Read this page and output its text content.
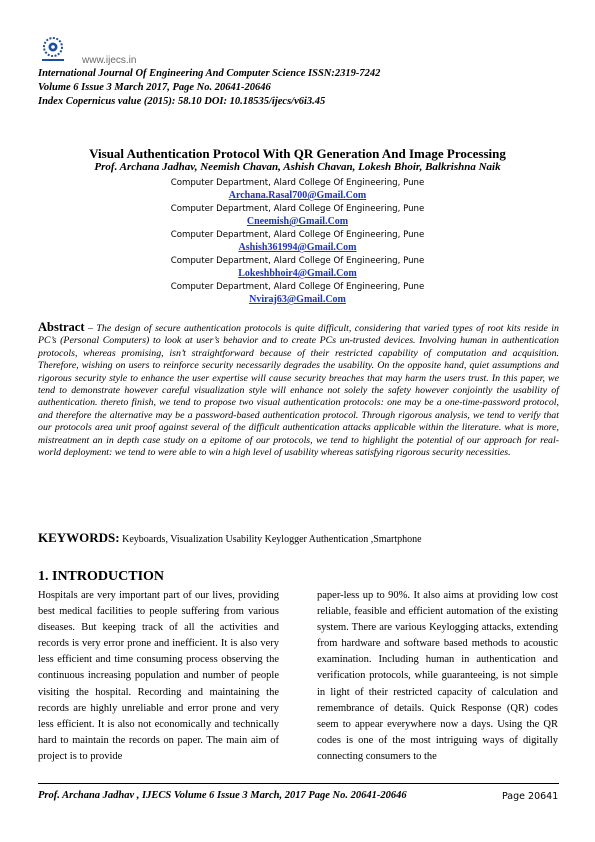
www.ijecs.in
International Journal Of Engineering And Computer Science ISSN:2319-7242
Volume 6 Issue 3 March 2017, Page No. 20641-20646
Index Copernicus value (2015): 58.10 DOI: 10.18535/ijecs/v6i3.45
Visual Authentication Protocol With QR Generation And Image Processing
Prof. Archana Jadhav, Neemish Chavan, Ashish Chavan, Lokesh Bhoir, Balkrishna Naik
Computer Department, Alard College Of Engineering, Pune
Archana.Rasal700@Gmail.Com
Computer Department, Alard College Of Engineering, Pune
Cneemish@Gmail.Com
Computer Department, Alard College Of Engineering, Pune
Ashish361994@Gmail.Com
Computer Department, Alard College Of Engineering, Pune
Lokeshbhoir4@Gmail.Com
Computer Department, Alard College Of Engineering, Pune
Nviraj63@Gmail.Com

Abstract – The design of secure authentication protocols is quite difficult, considering that varied types of root kits reside in PC’s (Personal Computers) to look at user’s behavior and to create PCs un-trusted devices. Involving human in authentication protocols, whereas promising, isn’t straightforward because of their restricted capability of computation and acquisition. Therefore, wishing on users to reinforce security necessarily degrades the usability. On the opposite hand, quiet assumptions and rigorous security style to enhance the user expertise will cause security breaches that may harm the users trust. In this paper, we tend to demonstrate however careful visualization style will enhance not solely the safety however conjointly the usability of authentication. thereto finish, we tend to propose two visual authentication protocols: one may be a one-time-password protocol, and therefore the alternative may be a password-based authentication protocol. Through rigorous analysis, we tend to verify that our protocols area unit proof against several of the difficult authentication attacks applicable within the literature. what is more, mistreatment an in depth case study on a epitome of our protocols, we tend to highlight the potential of our approach for real-world deployment: we tend to were able to win a high level of usability whereas satisfying rigorous security necessities.

KEYWORDS: Keyboards, Visualization Usability Keylogger Authentication ,Smartphone
1. INTRODUCTION

Hospitals are very important part of our lives, providing best medical facilities to people suffering from various diseases. But keeping track of all the activities and records is very error prone and inefficient. It is also very less efficient and time consuming process observing the continuous increasing population and number of people visiting the hospital. Recording and maintaining the records are highly unreliable and error prone and very less efficient. It is also not economically and technically hard to maintain the records on paper. The main aim of project is to provide

paper-less up to 90%. It also aims at providing low cost reliable, feasible and efficient automation of the existing system. There are various Keylogging attacks, extending from hardware and software based methods to acoustic examination. Including human in authentication and verification protocols, while guaranteeing, is not simple in light of their restricted capacity of calculation and remembrance of details. Quick Response (QR) codes seem to appear everywhere now a days. Using the QR codes is one of the most intriguing ways of digitally connecting consumers to the

Prof. Archana Jadhav , IJECS Volume 6 Issue 3 March, 2017 Page No. 20641-20646	Page 20641
